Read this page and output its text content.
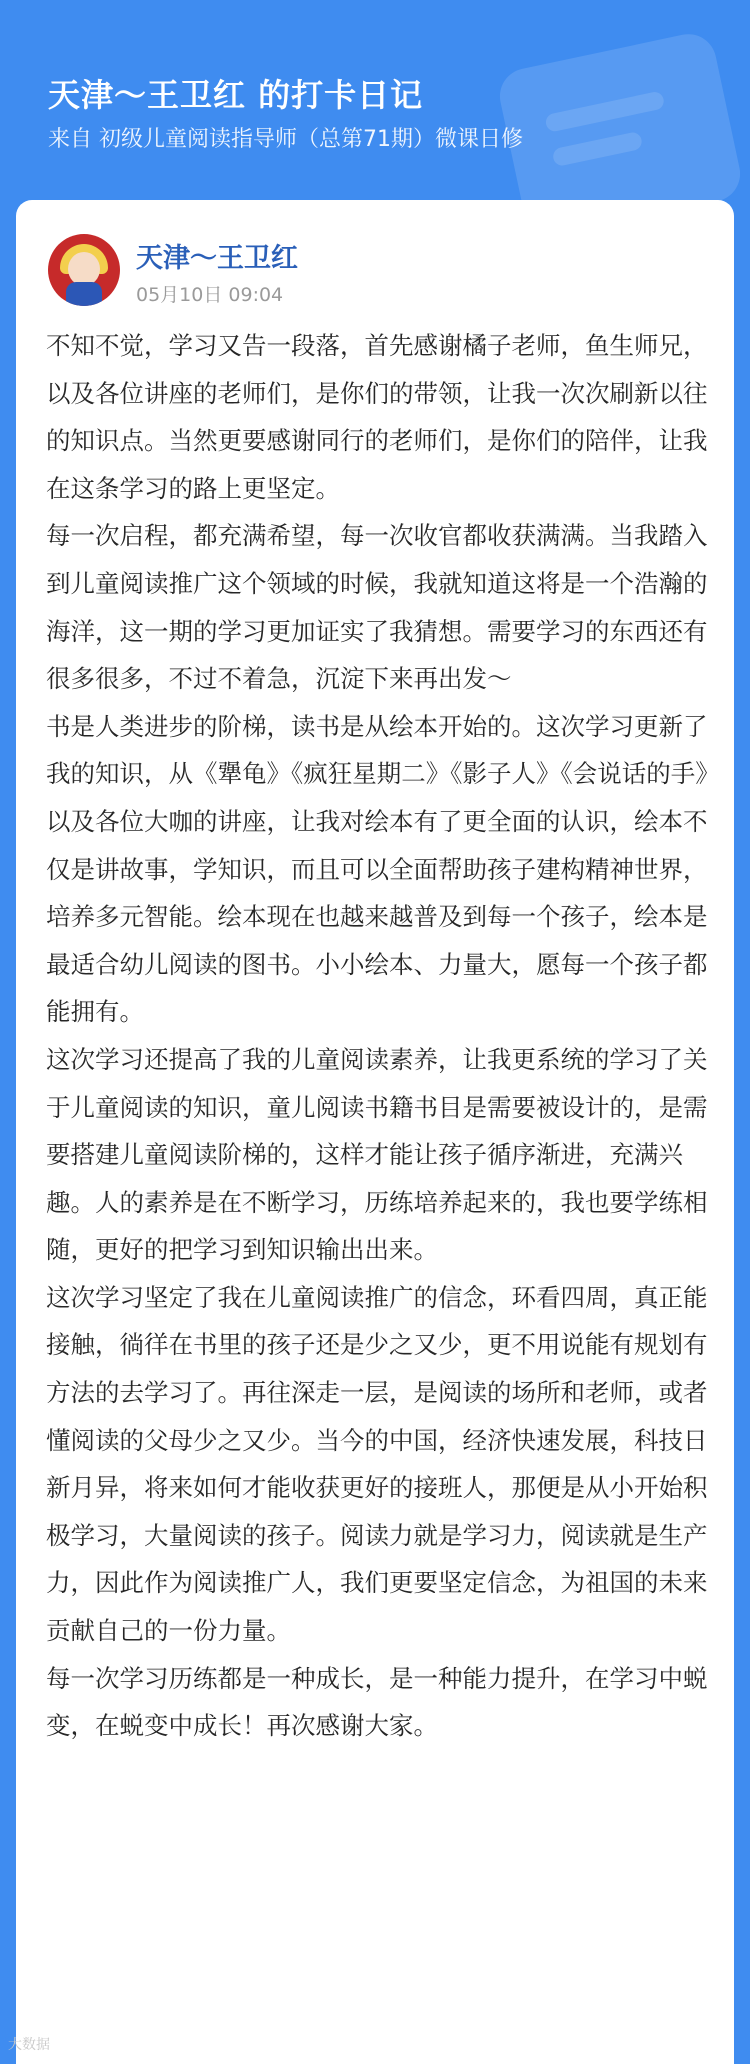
天津～王卫红 的打卡日记
来自 初级儿童阅读指导师（总第71期）微课日修
天津～王卫红
05月10日 09:04

不知不觉，学习又告一段落，首先感谢橘子老师，鱼生师兄，以及各位讲座的老师们，是你们的带领，让我一次次刷新以往的知识点。当然更要感谢同行的老师们，是你们的陪伴，让我在这条学习的路上更坚定。

每一次启程，都充满希望，每一次收官都收获满满。当我踏入到儿童阅读推广这个领域的时候，我就知道这将是一个浩瀚的海洋，这一期的学习更加证实了我猜想。需要学习的东西还有很多很多，不过不着急，沉淀下来再出发～

书是人类进步的阶梯，读书是从绘本开始的。这次学习更新了我的知识，从《犟龟》《疯狂星期二》《影子人》《会说话的手》以及各位大咖的讲座，让我对绘本有了更全面的认识，绘本不仅是讲故事，学知识，而且可以全面帮助孩子建构精神世界，培养多元智能。绘本现在也越来越普及到每一个孩子，绘本是最适合幼儿阅读的图书。小小绘本、力量大，愿每一个孩子都能拥有。

这次学习还提高了我的儿童阅读素养，让我更系统的学习了关于儿童阅读的知识，童儿阅读书籍书目是需要被设计的，是需要搭建儿童阅读阶梯的，这样才能让孩子循序渐进，充满兴趣。人的素养是在不断学习，历练培养起来的，我也要学练相随，更好的把学习到知识输出出来。

这次学习坚定了我在儿童阅读推广的信念，环看四周，真正能接触，徜徉在书里的孩子还是少之又少，更不用说能有规划有方法的去学习了。再往深走一层，是阅读的场所和老师，或者懂阅读的父母少之又少。当今的中国，经济快速发展，科技日新月异，将来如何才能收获更好的接班人，那便是从小开始积极学习，大量阅读的孩子。阅读力就是学习力，阅读就是生产力，因此作为阅读推广人，我们更要坚定信念，为祖国的未来贡献自己的一份力量。

每一次学习历练都是一种成长，是一种能力提升，在学习中蜕变，在蜕变中成长！再次感谢大家。

大数据
